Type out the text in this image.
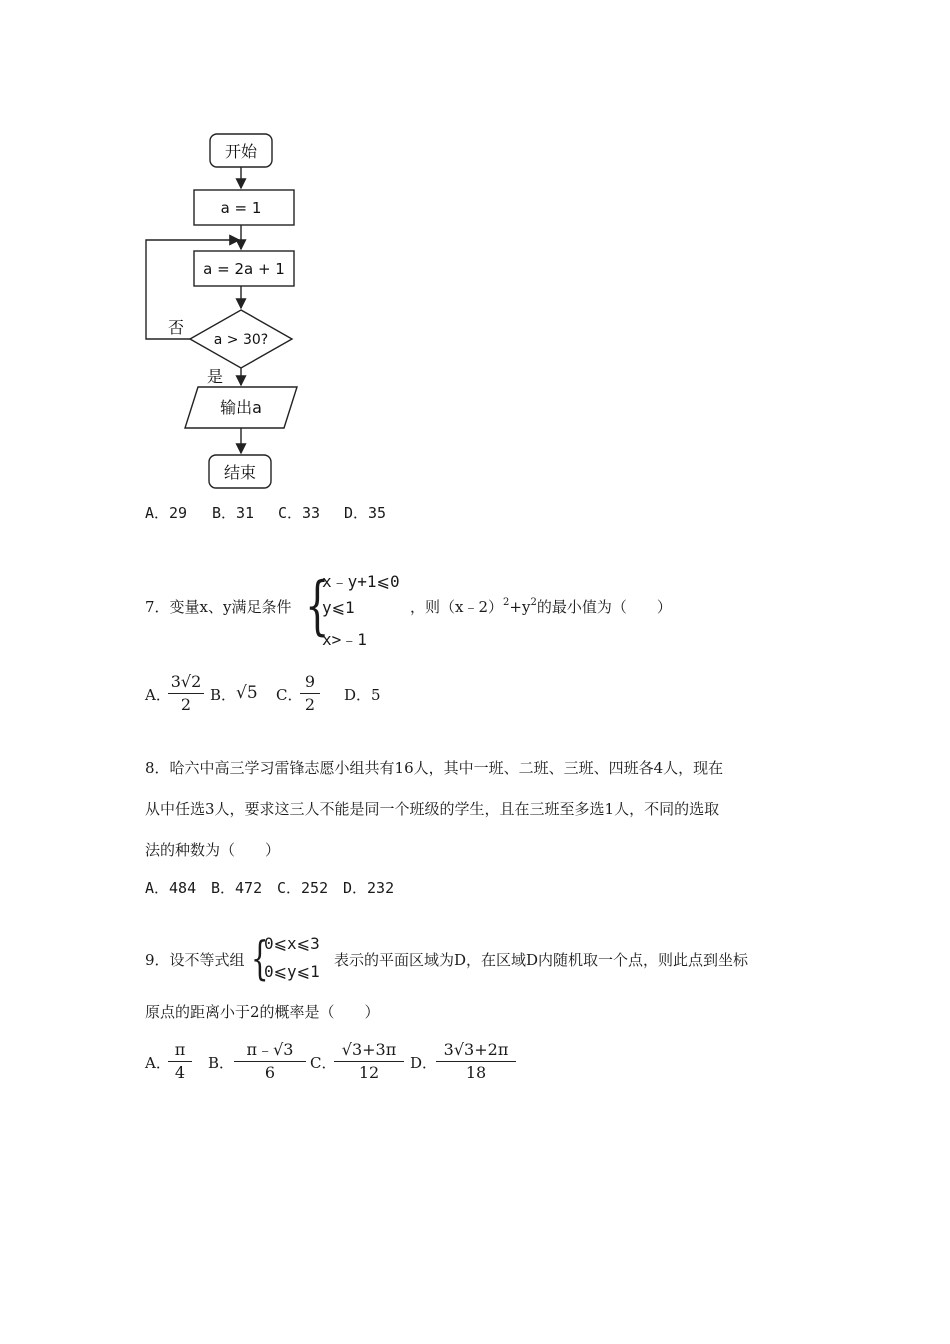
开始
a = 1
a = 2a + 1
a > 30?
否
是
输出a
结束
A．29 B．31 C．33 D．35
7．变量x、y满足条件 {
x﹣y+1⩽0
y⩽1
x>﹣1
，则$(x﹣2)^2+y^2$的最小值为（　　）
A．
3√2
2	B． √5 C．
9
2	D．5
8．哈六中高三学习雷锋志愿小组共有16人，其中一班、二班、三班、四班各4人，现在
从中任选3人，要求这三人不能是同一个班级的学生，且在三班至多选1人，不同的选取
法的种数为（　　）
A．484 B．472 C．252 D．232
9．设不等式组 {
0⩽x⩽3
0⩽y⩽1
表示的平面区域为D，在区域D内随机取一个点，则此点到坐标
原点的距离小于2的概率是（　　）
A．
π
4	B．
π﹣√3
6	C．
√3+3π
12	D．
3√3+2π
18
